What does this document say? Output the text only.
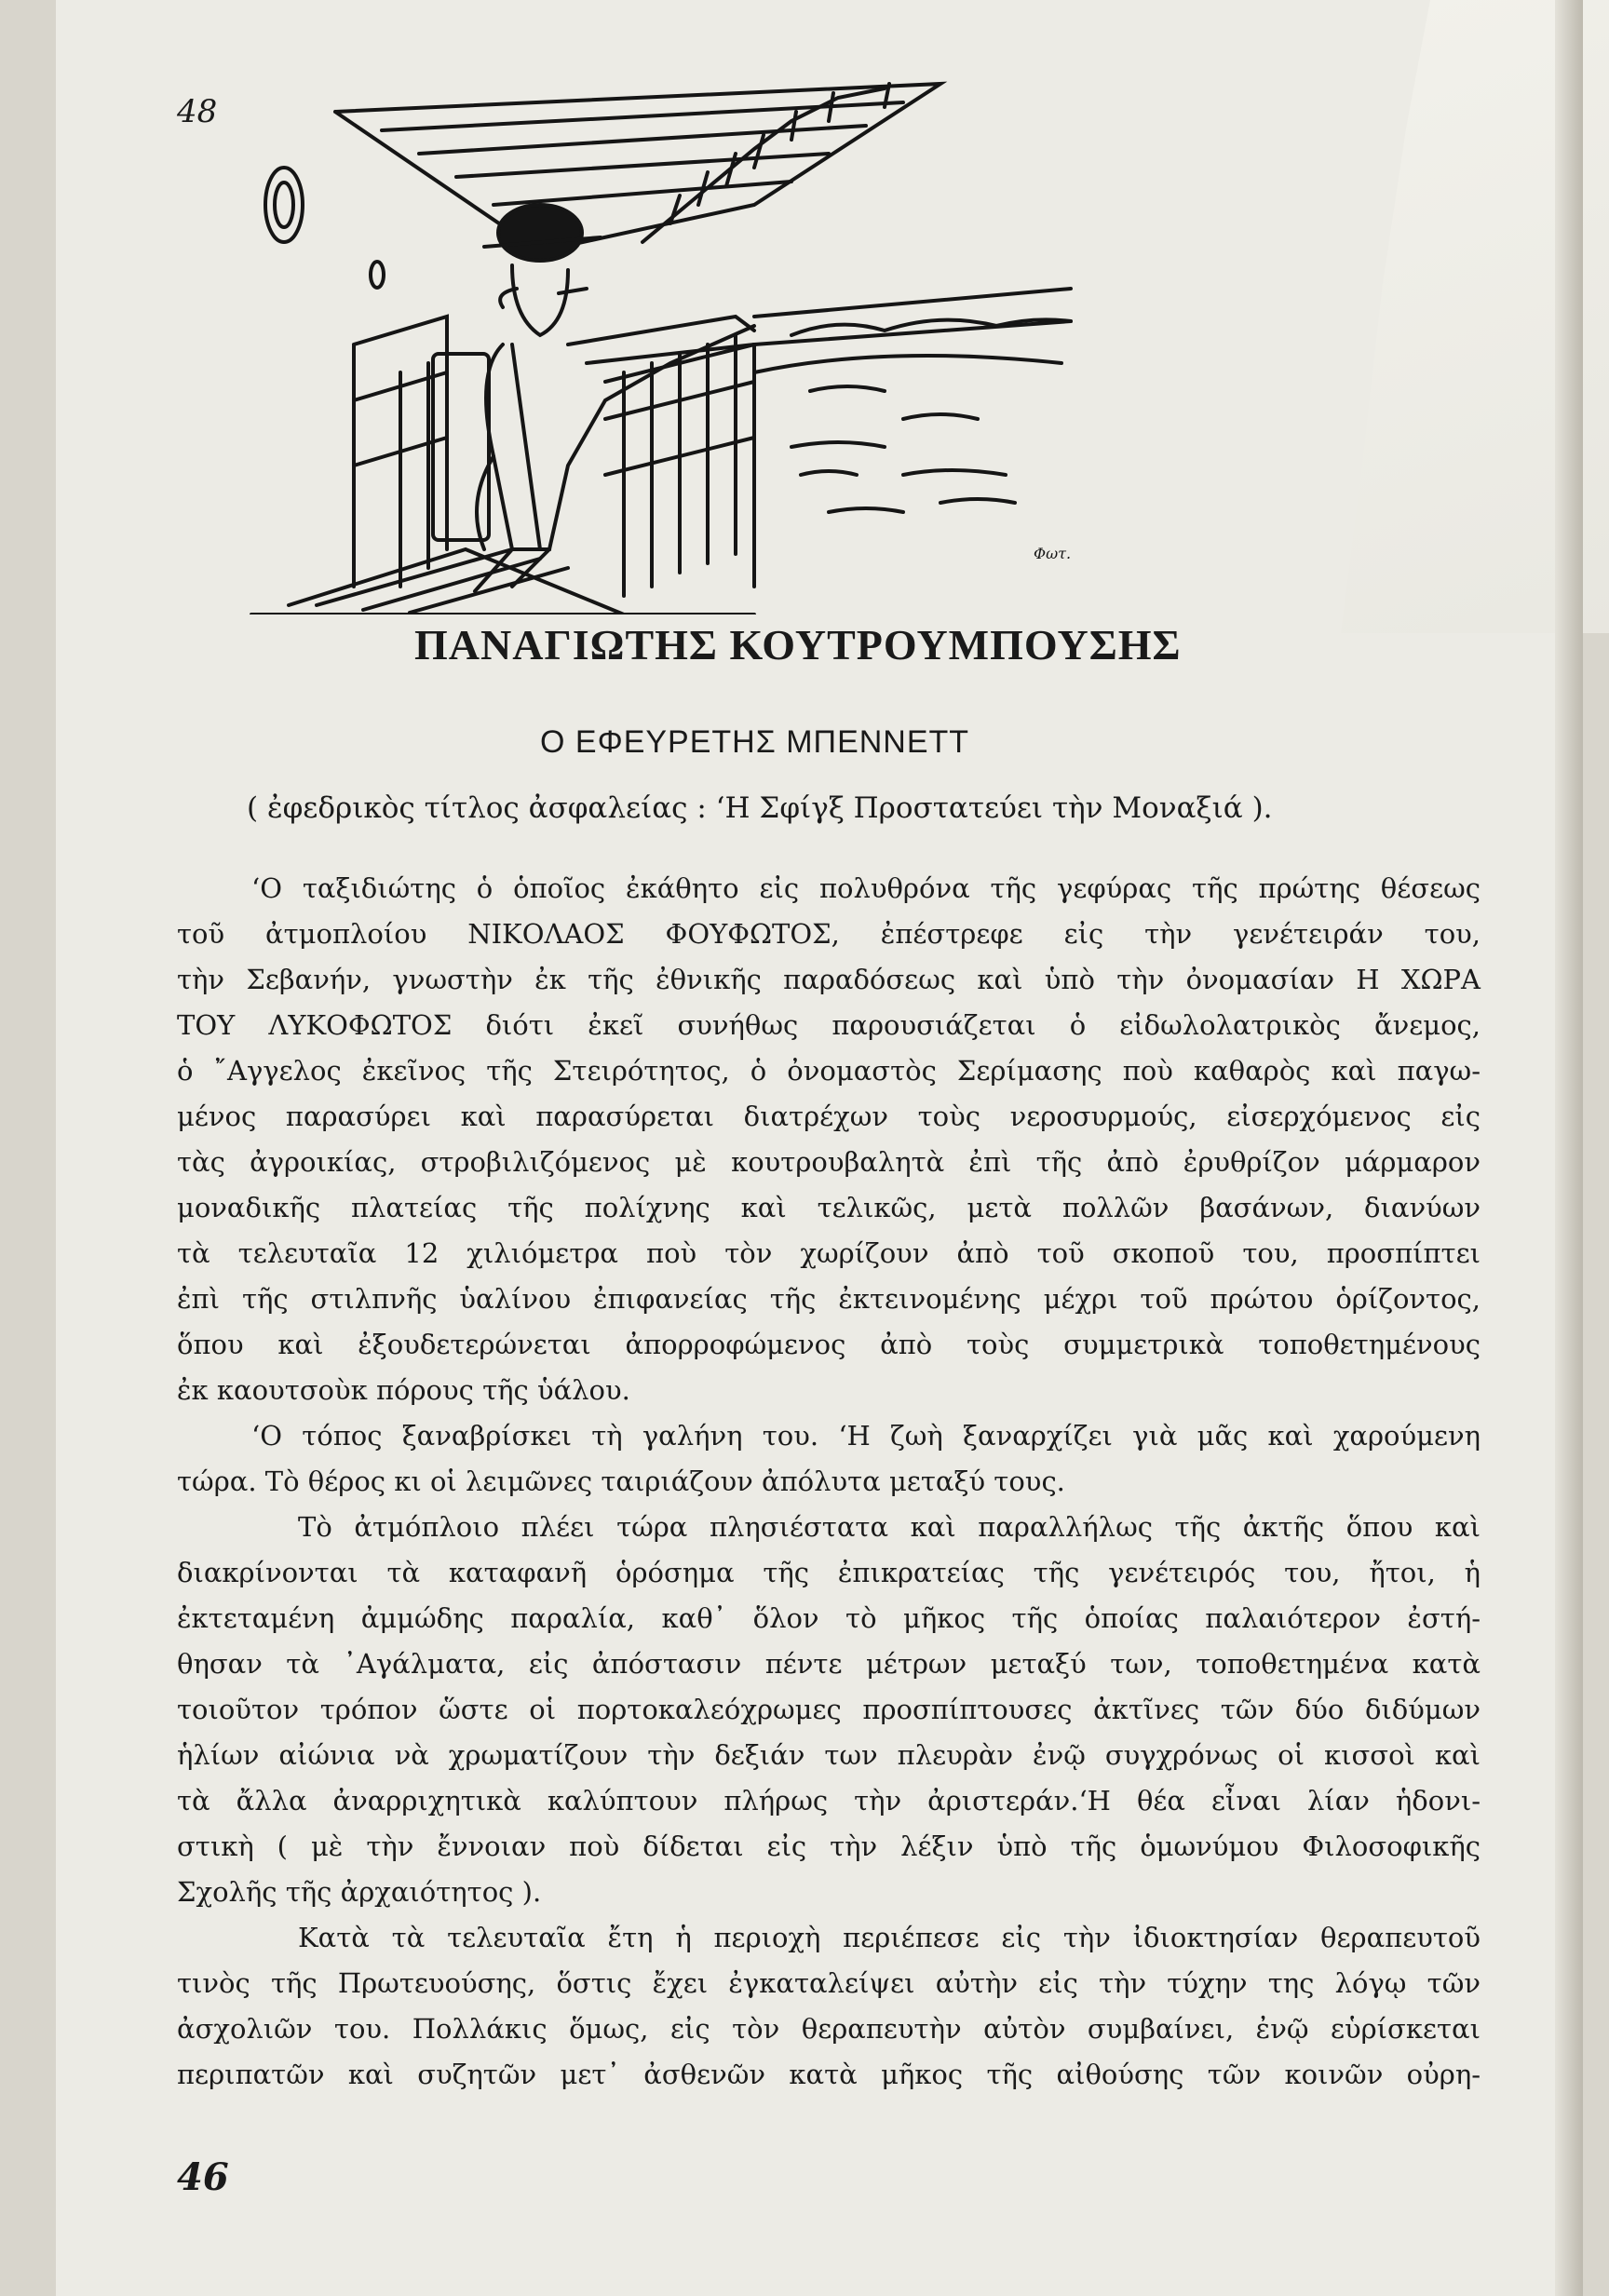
48
Φωτ.
ΠΑΝΑΓΙΩΤΗΣ ΚΟΥΤΡΟΥΜΠΟΥΣΗΣ
Ο ΕΦΕΥΡΕΤΗΣ ΜΠΕΝΝΕΤΤ
( ἐφεδρικὸς τίτλος ἀσφαλείας : ‘Η Σφίγξ Προστατεύει τὴν Μοναξιά ).
‘Ο ταξιδιώτης ὁ ὁποῖος ἐκάθητο εἰς πολυθρόνα τῆς γεφύρας τῆς πρώτης θέσεως
τοῦ ἀτμοπλοίου ΝΙΚΟΛΑΟΣ ΦΟΥΦΩΤΟΣ, ἐπέστρεφε εἰς τὴν γενέτειράν του,
τὴν Σεβανήν, γνωστὴν ἐκ τῆς ἐθνικῆς παραδόσεως καὶ ὑπὸ τὴν ὀνομασίαν Η ΧΩΡΑ
ΤΟΥ ΛΥΚΟΦΩΤΟΣ διότι ἐκεῖ συνήθως παρουσιάζεται ὁ εἰδωλολατρικὸς ἄνεμος,
ὁ ῎Αγγελος ἐκεῖνος τῆς Στειρότητος, ὁ ὀνομαστὸς Σερίμασης ποὺ καθαρὸς καὶ παγω-
μένος παρασύρει καὶ παρασύρεται διατρέχων τοὺς νεροσυρμούς, εἰσερχόμενος εἰς
τὰς ἀγροικίας, στροβιλιζόμενος μὲ κουτρουβαλητὰ ἐπὶ τῆς ἀπὸ ἐρυθρίζον μάρμαρον
μοναδικῆς πλατείας τῆς πολίχνης καὶ τελικῶς, μετὰ πολλῶν βασάνων, διανύων
τὰ τελευταῖα 12 χιλιόμετρα ποὺ τὸν χωρίζουν ἀπὸ τοῦ σκοποῦ του, προσπίπτει
ἐπὶ τῆς στιλπνῆς ὑαλίνου ἐπιφανείας τῆς ἐκτεινομένης μέχρι τοῦ πρώτου ὁρίζοντος,
ὅπου καὶ ἐξουδετερώνεται ἀπορροφώμενος ἀπὸ τοὺς συμμετρικὰ τοποθετημένους
ἐκ καουτσοὺκ πόρους τῆς ὑάλου.
‘Ο τόπος ξαναβρίσκει τὴ γαλήνη του. ‘Η ζωὴ ξαναρχίζει γιὰ μᾶς καὶ χαρούμενη
τώρα. Τὸ θέρος κι οἱ λειμῶνες ταιριάζουν ἀπόλυτα μεταξύ τους.
Τὸ ἀτμόπλοιο πλέει τώρα πλησιέστατα καὶ παραλλήλως τῆς ἀκτῆς ὅπου καὶ
διακρίνονται τὰ καταφανῆ ὁρόσημα τῆς ἐπικρατείας τῆς γενέτειρός του, ἤτοι, ἡ
ἐκτεταμένη ἀμμώδης παραλία, καθ᾽ ὅλον τὸ μῆκος τῆς ὁποίας παλαιότερον ἐστή-
θησαν τὰ ᾽Αγάλματα, εἰς ἀπόστασιν πέντε μέτρων μεταξύ των, τοποθετημένα κατὰ
τοιοῦτον τρόπον ὥστε οἱ πορτοκαλεόχρωμες προσπίπτουσες ἀκτῖνες τῶν δύο διδύμων
ἡλίων αἰώνια νὰ χρωματίζουν τὴν δεξιάν των πλευρὰν ἐνῷ συγχρόνως οἱ κισσοὶ καὶ
τὰ ἄλλα ἀναρριχητικὰ καλύπτουν πλήρως τὴν ἀριστεράν.‘Η θέα εἶναι λίαν ἡδονι-
στικὴ ( μὲ τὴν ἔννοιαν ποὺ δίδεται εἰς τὴν λέξιν ὑπὸ τῆς ὁμωνύμου Φιλοσοφικῆς
Σχολῆς τῆς ἀρχαιότητος ).
Κατὰ τὰ τελευταῖα ἔτη ἡ περιοχὴ περιέπεσε εἰς τὴν ἰδιοκτησίαν θεραπευτοῦ
τινὸς τῆς Πρωτευούσης, ὅστις ἔχει ἐγκαταλείψει αὐτὴν εἰς τὴν τύχην της λόγῳ τῶν
ἀσχολιῶν του. Πολλάκις ὅμως, εἰς τὸν θεραπευτὴν αὐτὸν συμβαίνει, ἐνῷ εὑρίσκεται
περιπατῶν καὶ συζητῶν μετ᾽ ἀσθενῶν κατὰ μῆκος τῆς αἰθούσης τῶν κοινῶν οὐρη-
46
